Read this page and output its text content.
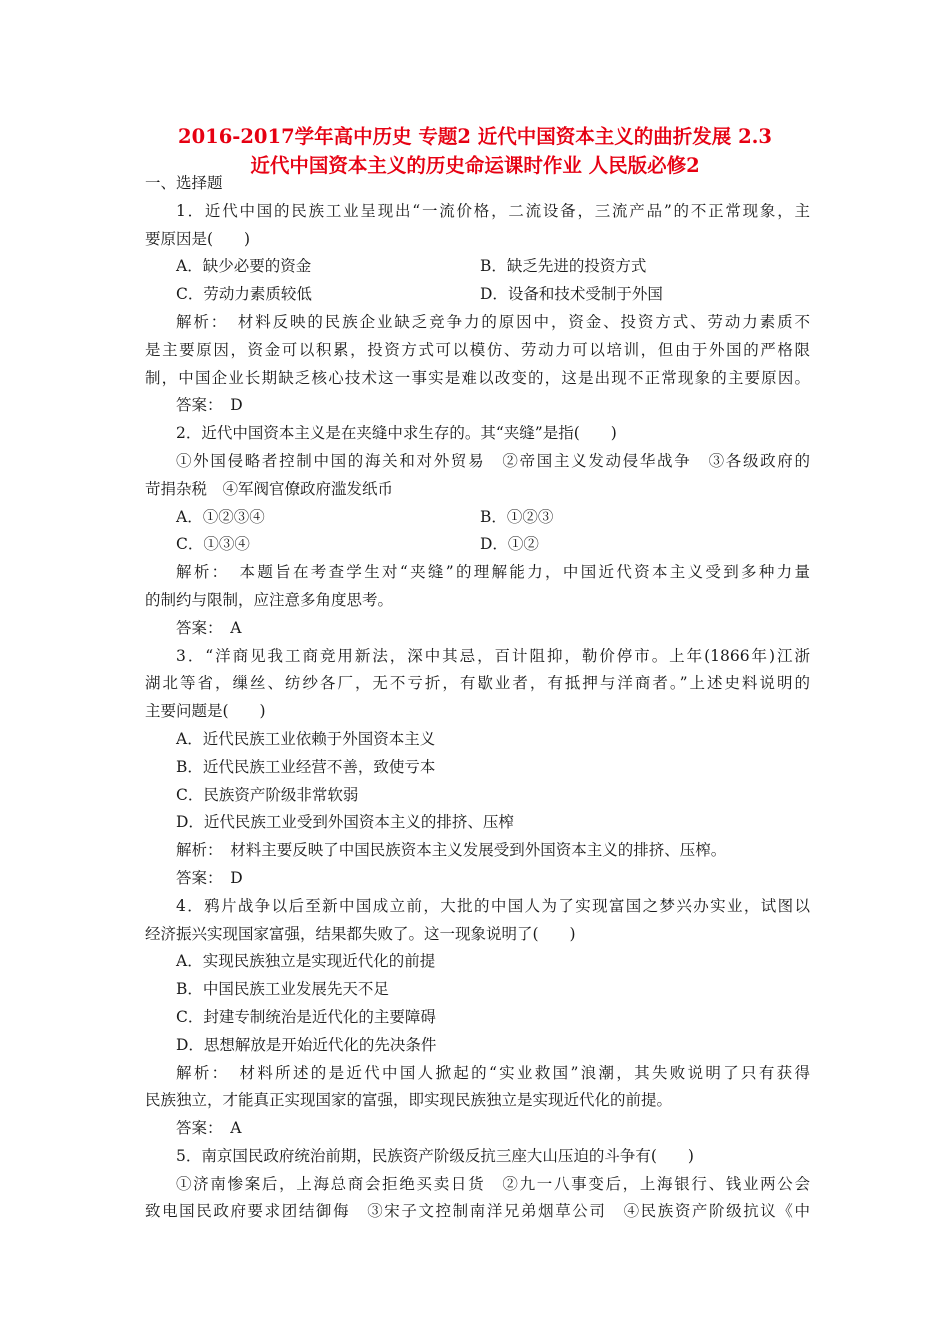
2016-2017学年高中历史 专题2 近代中国资本主义的曲折发展 2.3
近代中国资本主义的历史命运课时作业 人民版必修2
一、选择题
1．近代中国的民族工业呈现出“一流价格，二流设备，三流产品”的不正常现象，主
要原因是(　　)
A．缺少必要的资金	B．缺乏先进的投资方式
C．劳动力素质较低	D．设备和技术受制于外国
解析：　材料反映的民族企业缺乏竞争力的原因中，资金、投资方式、劳动力素质不
是主要原因，资金可以积累，投资方式可以模仿、劳动力可以培训，但由于外国的严格限
制，中国企业长期缺乏核心技术这一事实是难以改变的，这是出现不正常现象的主要原因。
答案：　D
2．近代中国资本主义是在夹缝中求生存的。其“夹缝”是指(　　)
①外国侵略者控制中国的海关和对外贸易　②帝国主义发动侵华战争　③各级政府的
苛捐杂税　④军阀官僚政府滥发纸币
A．①②③④	B．①②③
C．①③④	D．①②
解析：　本题旨在考查学生对“夹缝”的理解能力，中国近代资本主义受到多种力量
的制约与限制，应注意多角度思考。
答案：　A
3．“洋商见我工商竞用新法，深中其忌，百计阻抑，勒价停市。上年(1866年)江浙
湖北等省，缫丝、纺纱各厂，无不亏折，有歇业者，有抵押与洋商者。”上述史料说明的
主要问题是(　　)
A．近代民族工业依赖于外国资本主义
B．近代民族工业经营不善，致使亏本
C．民族资产阶级非常软弱
D．近代民族工业受到外国资本主义的排挤、压榨
解析：　材料主要反映了中国民族资本主义发展受到外国资本主义的排挤、压榨。
答案：　D
4．鸦片战争以后至新中国成立前，大批的中国人为了实现富国之梦兴办实业，试图以
经济振兴实现国家富强，结果都失败了。这一现象说明了(　　)
A．实现民族独立是实现近代化的前提
B．中国民族工业发展先天不足
C．封建专制统治是近代化的主要障碍
D．思想解放是开始近代化的先决条件
解析：　材料所述的是近代中国人掀起的“实业救国”浪潮，其失败说明了只有获得
民族独立，才能真正实现国家的富强，即实现民族独立是实现近代化的前提。
答案：　A
5．南京国民政府统治前期，民族资产阶级反抗三座大山压迫的斗争有(　　)
①济南惨案后，上海总商会拒绝买卖日货　②九一八事变后，上海银行、钱业两公会
致电国民政府要求团结御侮　③宋子文控制南洋兄弟烟草公司　④民族资产阶级抗议《中
